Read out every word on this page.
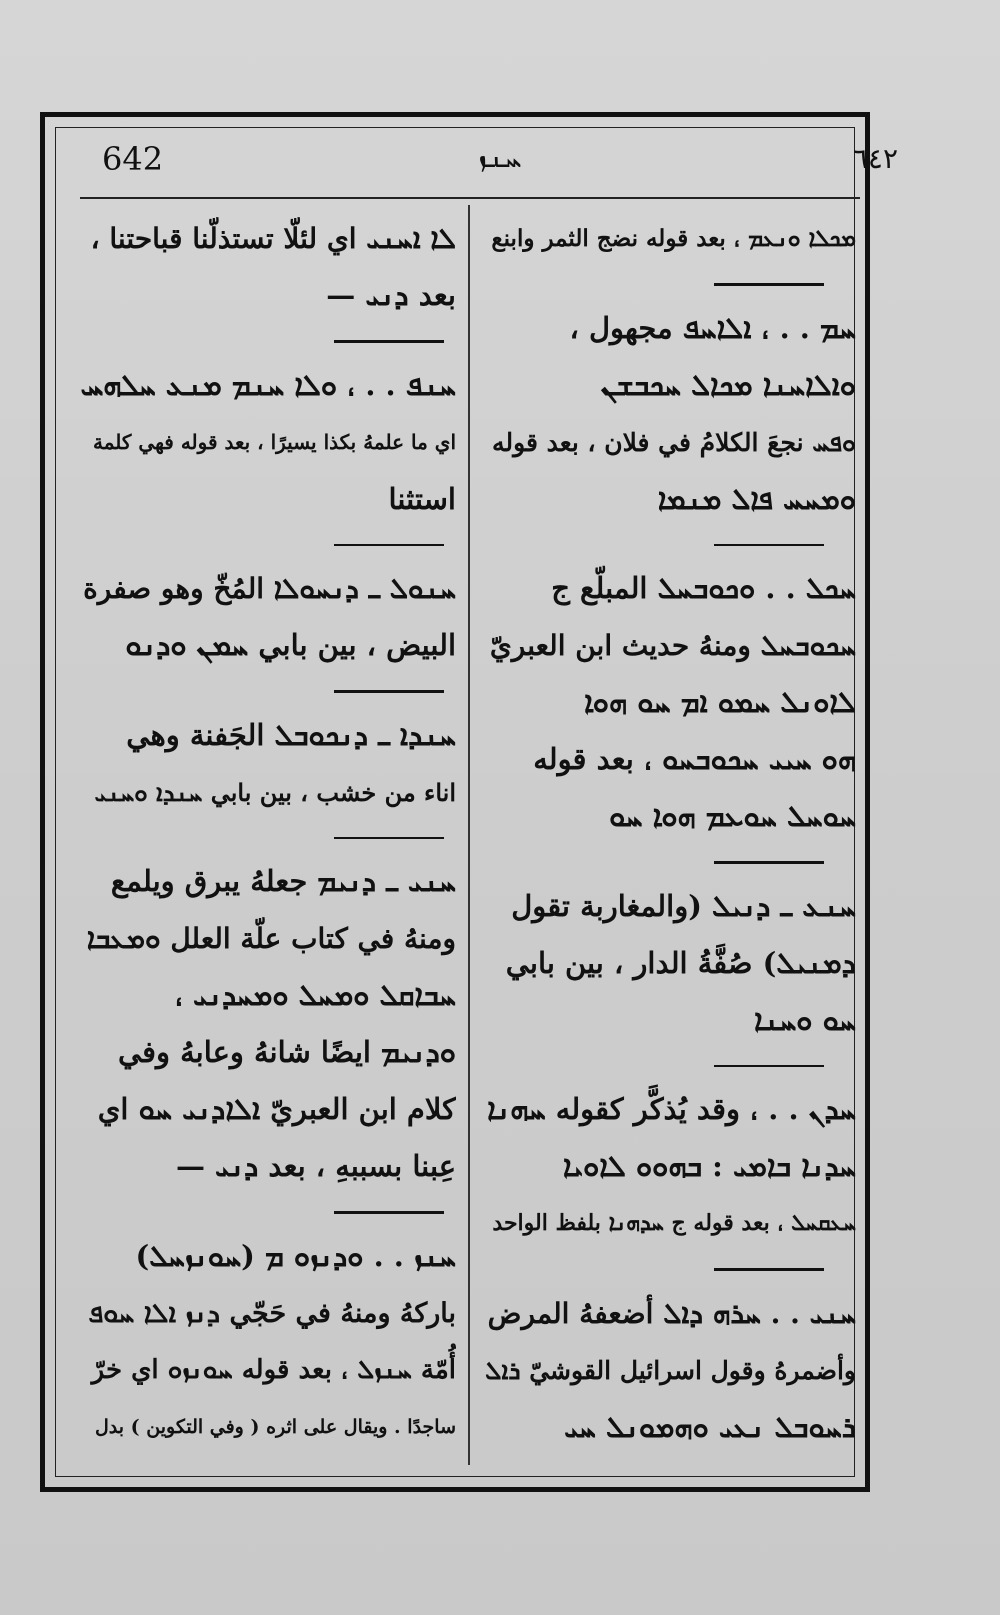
642	ܚܢܙ	٦٤٢
ܡܟܠܐ ܘܢܥܡ ، بعد قوله نضج الثمر وابنع
ܚܡ . . ، ܐܠܐܚܦ مجهول ،
ܘܐܠܐܚܢܐ ܡܟܐܠ ܚܟܒܫܢ
ܘܦܚ نجعَ الكلامُ في فلان ، بعد قوله
ܘܡܚܚ ܦܐܠ ܡܢܡܐ
ܚܟܠ . . ܘܟܘܒܚܠ المبلّع ج
ܚܟܘܒܚܠ ومنهُ حديث ابن العبريّ
ܠܐܘܢܠ ܚܡܘ ܐܡ ܚܘ ܗܘܐ
ܗܘ ܚܝܝ ܚܟܘܒܚܘ ، بعد قوله
ܚܘܚܠ ܚܘܥܡ ܗܘܐ ܚܘ
ܚܢܥ ـ ܕܢܝܠ (والمغاربة تقول
ܕܡܢܝܠ) صُفَّةُ الدار ، بين بابي
ܚܘ ܘܚܢܐ
ܚܕܢ . . ، وقد يُذكَّر كقوله ܚܗܢܐ
ܚܕܢܐ ܒܐܡܝ : ܒܗܘܘ ܠܐܘܝܐ
ܚܥܩܚܠ ، بعد قوله ج ܚܕܗܢܐ بلفظ الواحد
ܚܢܝ . . ܚܪܗ ܕܐܠ أضعفهُ المرض
وأضمرهُ وقول اسرائيل القوشيّ ܪܐܠ
ܪܚܘܒܠ ܢܥܝ ܘܗܡܘܢܠ ܚܝ
ܠܐ ܐܚܢܝ اي لئلّا تستذلّنا قباحتنا ،
بعد ܕܢܝ —
ܚܢܦ . . ، ܘܠܐ ܚܢܡ ܡܢܥ ܚܠܗܚ
اي ما علمهُ بكذا يسيرًا ، بعد قوله فهي كلمة
استثنا
ܚܢܘܠ ـ ܕܢܚܘܠܐ المُخّ وهو صفرة
البيض ، بين بابي ܚܡܢ ܘܕܢܘ
ܚܢܕܐ ـ ܕܢܟܘܒܠ الجَفنة وهي
اناء من خشب ، بين بابي ܚܢܕܐ ܘܚܢܝ
ܚܢܝ ـ ܕܢܝܡ جعلهُ يبرق ويلمع
ومنهُ في كتاب علّة العلل ܘܡܥܒܐ
ܚܒܐܩܠ ܘܡܚܠ ܘܡܚܕܢܝ ،
ܘܕܢܝܡ ايضًا شانهُ وعابهُ وفي
كلام ابن العبريّ ܐܠܐܕܢܝ ܚܘ اي
عِبنا بسببهِ ، بعد ܕܢܝ —
ܚܢܙ . . ܘܕܢܙܘ ܡ (ܚܘܢܙܚܠ)
باركهُ ومنهُ في حَجّي ܕܢܙ ܐܠܐ ܚܘܦ
أُمّة ܚܢܙܠ ، بعد قوله ܚܘܢܙܘ اي خرّ
ساجدًا . ويقال على اثره ( وفي التكوين ) بدل
